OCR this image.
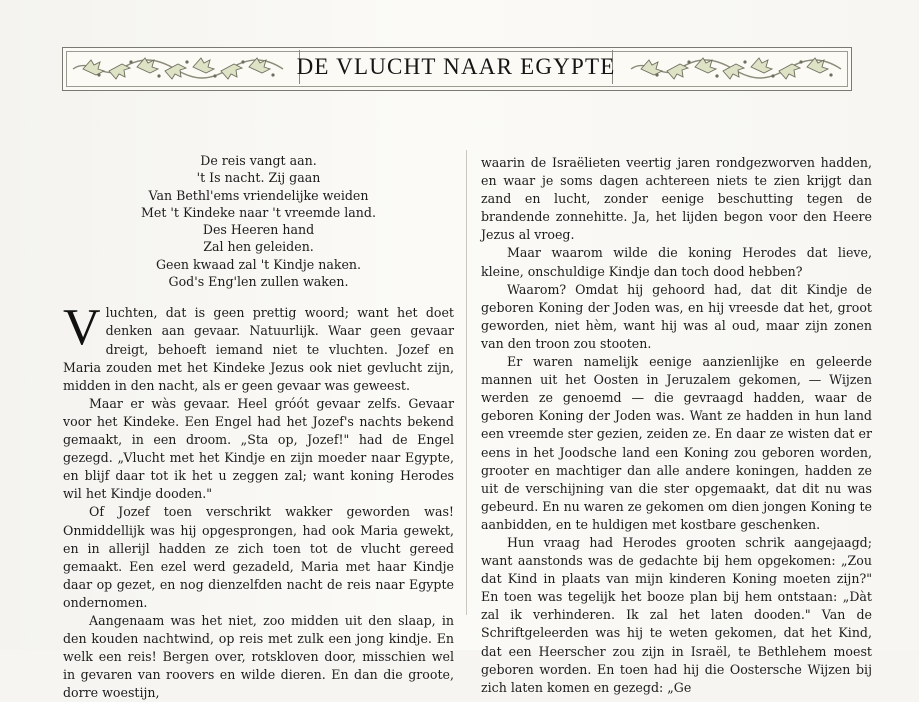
DE VLUCHT NAAR EGYPTE
De reis vangt aan.
't Is nacht. Zij gaan
Van Bethl'ems vriendelijke weiden
Met 't Kindeke naar 't vreemde land.
Des Heeren hand
Zal hen geleiden.
Geen kwaad zal 't Kindje naken.
God's Eng'len zullen waken.

Vluchten, dat is geen prettig woord; want het doet denken aan gevaar. Natuurlijk. Waar geen gevaar dreigt, behoeft iemand niet te vluchten. Jozef en Maria zouden met het Kindeke Jezus ook niet gevlucht zijn, midden in den nacht, als er geen gevaar was geweest.

Maar er wàs gevaar. Heel gróót gevaar zelfs. Gevaar voor het Kindeke. Een Engel had het Jozef's nachts bekend gemaakt, in een droom. „Sta op, Jozef!" had de Engel gezegd. „Vlucht met het Kindje en zijn moeder naar Egypte, en blijf daar tot ik het u zeggen zal; want koning Herodes wil het Kindje dooden."

Of Jozef toen verschrikt wakker geworden was! Onmiddellijk was hij opgesprongen, had ook Maria gewekt, en in allerijl hadden ze zich toen tot de vlucht gereed gemaakt. Een ezel werd gezadeld, Maria met haar Kindje daar op gezet, en nog dienzelfden nacht de reis naar Egypte ondernomen.

Aangenaam was het niet, zoo midden uit den slaap, in den kouden nachtwind, op reis met zulk een jong kindje. En welk een reis! Bergen over, rotskloven door, misschien wel in gevaren van roovers en wilde dieren. En dan die groote, dorre woestijn,

waarin de Israëlieten veertig jaren rondgezworven hadden, en waar je soms dagen achtereen niets te zien krijgt dan zand en lucht, zonder eenige beschutting tegen de brandende zonnehitte. Ja, het lijden begon voor den Heere Jezus al vroeg.

Maar waarom wilde die koning Herodes dat lieve, kleine, onschuldige Kindje dan toch dood hebben?

Waarom? Omdat hij gehoord had, dat dit Kindje de geboren Koning der Joden was, en hij vreesde dat het, groot geworden, niet hèm, want hij was al oud, maar zijn zonen van den troon zou stooten.

Er waren namelijk eenige aanzienlijke en geleerde mannen uit het Oosten in Jeruzalem gekomen, — Wijzen werden ze genoemd — die gevraagd hadden, waar de geboren Koning der Joden was. Want ze hadden in hun land een vreemde ster gezien, zeiden ze. En daar ze wisten dat er eens in het Joodsche land een Koning zou geboren worden, grooter en machtiger dan alle andere koningen, hadden ze uit de verschijning van die ster opgemaakt, dat dit nu was gebeurd. En nu waren ze gekomen om dien jongen Koning te aanbidden, en te huldigen met kostbare geschenken.

Hun vraag had Herodes grooten schrik aangejaagd; want aanstonds was de gedachte bij hem opgekomen: „Zou dat Kind in plaats van mijn kinderen Koning moeten zijn?" En toen was tegelijk het booze plan bij hem ontstaan: „Dàt zal ik verhinderen. Ik zal het laten dooden." Van de Schriftgeleerden was hij te weten gekomen, dat het Kind, dat een Heerscher zou zijn in Israël, te Bethlehem moest geboren worden. En toen had hij die Oostersche Wijzen bij zich laten komen en gezegd: „Ge
